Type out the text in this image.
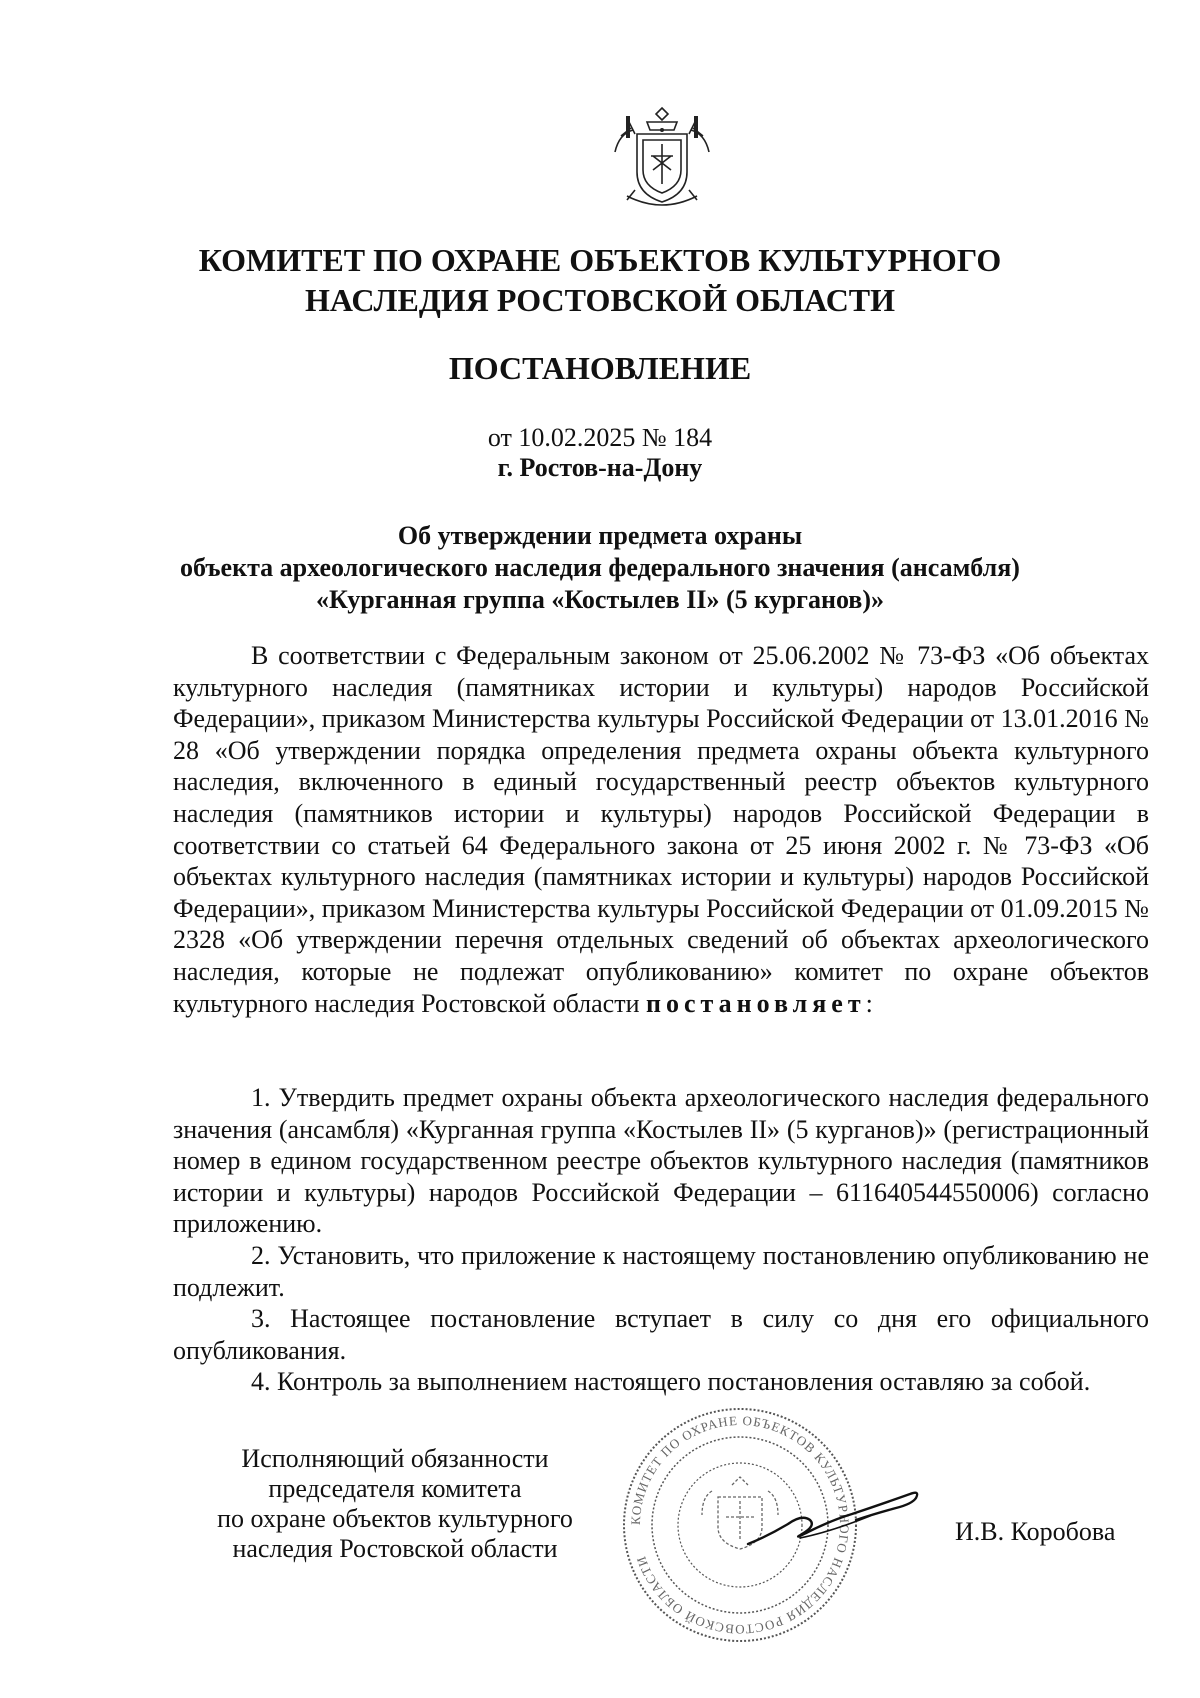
КОМИТЕТ ПО ОХРАНЕ ОБЪЕКТОВ КУЛЬТУРНОГО
НАСЛЕДИЯ РОСТОВСКОЙ ОБЛАСТИ
ПОСТАНОВЛЕНИЕ
от 10.02.2025 № 184
г. Ростов-на-Дону
Об утверждении предмета охраны
объекта археологического наследия федерального значения (ансамбля)
«Курганная группа «Костылев II» (5 курганов)»

В соответствии с Федеральным законом от 25.06.2002 № 73-ФЗ «Об объектах культурного наследия (памятниках истории и культуры) народов Российской Федерации», приказом Министерства культуры Российской Федерации от 13.01.2016 № 28 «Об утверждении порядка определения предмета охраны объекта культурного наследия, включенного в единый государственный реестр объектов культурного наследия (памятников истории и культуры) народов Российской Федерации в соответствии со статьей 64 Федерального закона от 25 июня 2002 г. № 73-ФЗ «Об объектах культурного наследия (памятниках истории и культуры) народов Российской Федерации», приказом Министерства культуры Российской Федерации от 01.09.2015 № 2328 «Об утверждении перечня отдельных сведений об объектах археологического наследия, которые не подлежат опубликованию» комитет по охране объектов культурного наследия Ростовской области постановляет:

1. Утвердить предмет охраны объекта археологического наследия федерального значения (ансамбля) «Курганная группа «Костылев II» (5 курганов)» (регистрационный номер в едином государственном реестре объектов культурного наследия (памятников истории и культуры) народов Российской Федерации – 611640544550006) согласно приложению.

2. Установить, что приложение к настоящему постановлению опубликованию не подлежит.

3. Настоящее постановление вступает в силу со дня его официального опубликования.

4. Контроль за выполнением настоящего постановления оставляю за собой.

Исполняющий обязанности
председателя комитета
по охране объектов культурного
наследия Ростовской области
КОМИТЕТ ПО ОХРАНЕ ОБЪЕКТОВ КУЛЬТУРНОГО НАСЛЕДИЯ РОСТОВСКОЙ ОБЛАСТИ
И.В. Коробова
